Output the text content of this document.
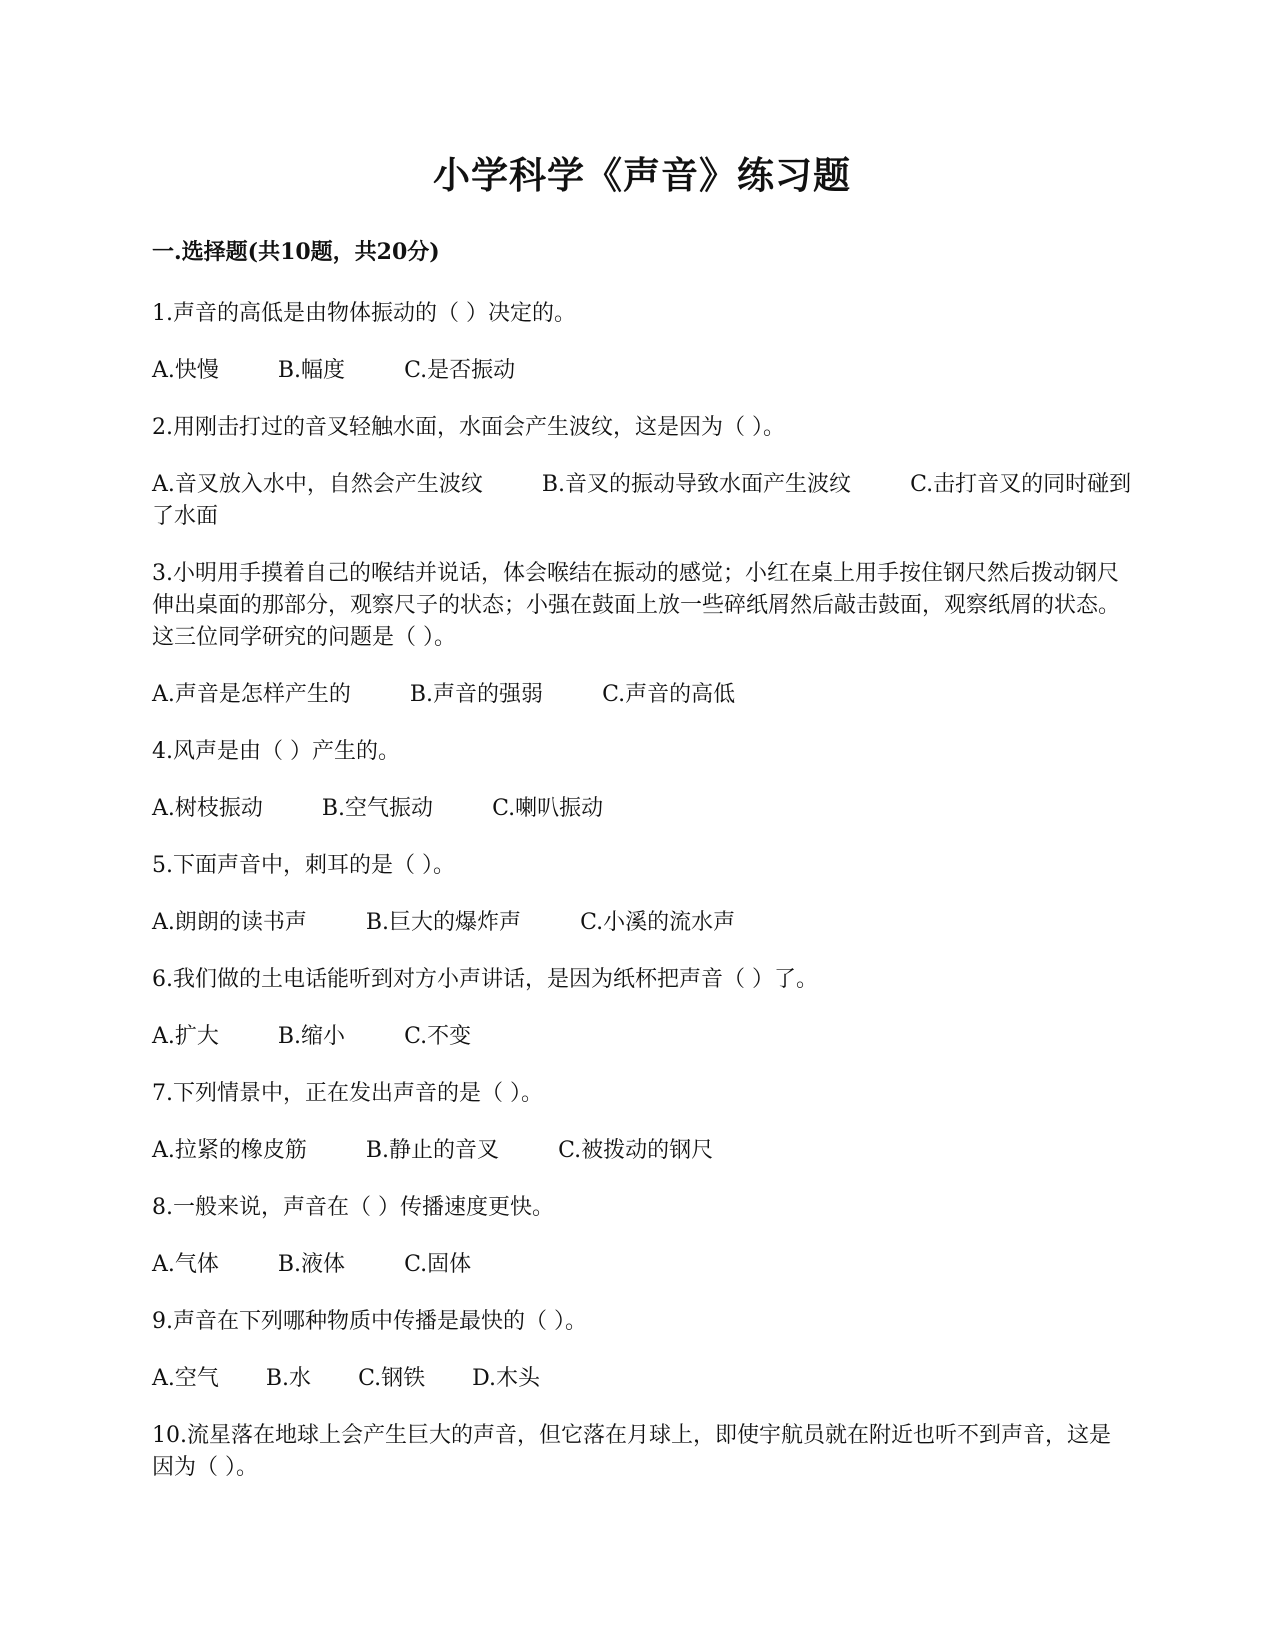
小学科学《声音》练习题
一.选择题(共10题，共20分)

1.声音的高低是由物体振动的（ ）决定的。

A.快慢	B.幅度	C.是否振动

2.用刚击打过的音叉轻触水面，水面会产生波纹，这是因为（ ）。

A.音叉放入水中，自然会产生波纹	B.音叉的振动导致水面产生波纹	C.击打音叉的同时碰到了水面

3.小明用手摸着自己的喉结并说话，体会喉结在振动的感觉；小红在桌上用手按住钢尺然后拨动钢尺伸出桌面的那部分，观察尺子的状态；小强在鼓面上放一些碎纸屑然后敲击鼓面，观察纸屑的状态。这三位同学研究的问题是（ ）。

A.声音是怎样产生的	B.声音的强弱	C.声音的高低

4.风声是由（ ）产生的。

A.树枝振动	B.空气振动	C.喇叭振动

5.下面声音中，刺耳的是（ ）。

A.朗朗的读书声	B.巨大的爆炸声	C.小溪的流水声

6.我们做的土电话能听到对方小声讲话，是因为纸杯把声音（ ）了。

A.扩大	B.缩小	C.不变

7.下列情景中，正在发出声音的是（ ）。

A.拉紧的橡皮筋	B.静止的音叉	C.被拨动的钢尺

8.一般来说，声音在（ ）传播速度更快。

A.气体	B.液体	C.固体

9.声音在下列哪种物质中传播是最快的（ ）。

A.空气 B.水 C.钢铁 D.木头

10.流星落在地球上会产生巨大的声音，但它落在月球上，即使宇航员就在附近也听不到声音，这是因为（ ）。
